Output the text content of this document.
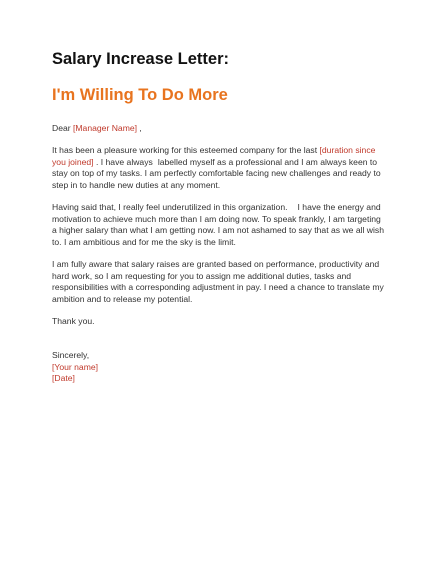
Salary Increase Letter:
I'm Willing To Do More
Dear [Manager Name] ,
It has been a pleasure working for this esteemed company for the last [duration since
you joined] . I have always labelled myself as a professional and I am always keen to
stay on top of my tasks. I am perfectly comfortable facing new challenges and ready to
step in to handle new duties at any moment.
Having said that, I really feel underutilized in this organization. I have the energy and
motivation to achieve much more than I am doing now. To speak frankly, I am targeting
a higher salary than what I am getting now. I am not ashamed to say that as we all wish
to. I am ambitious and for me the sky is the limit.
I am fully aware that salary raises are granted based on performance, productivity and
hard work, so I am requesting for you to assign me additional duties, tasks and
responsibilities with a corresponding adjustment in pay. I need a chance to translate my
ambition and to release my potential.
Thank you.
Sincerely,
[Your name]
[Date]
